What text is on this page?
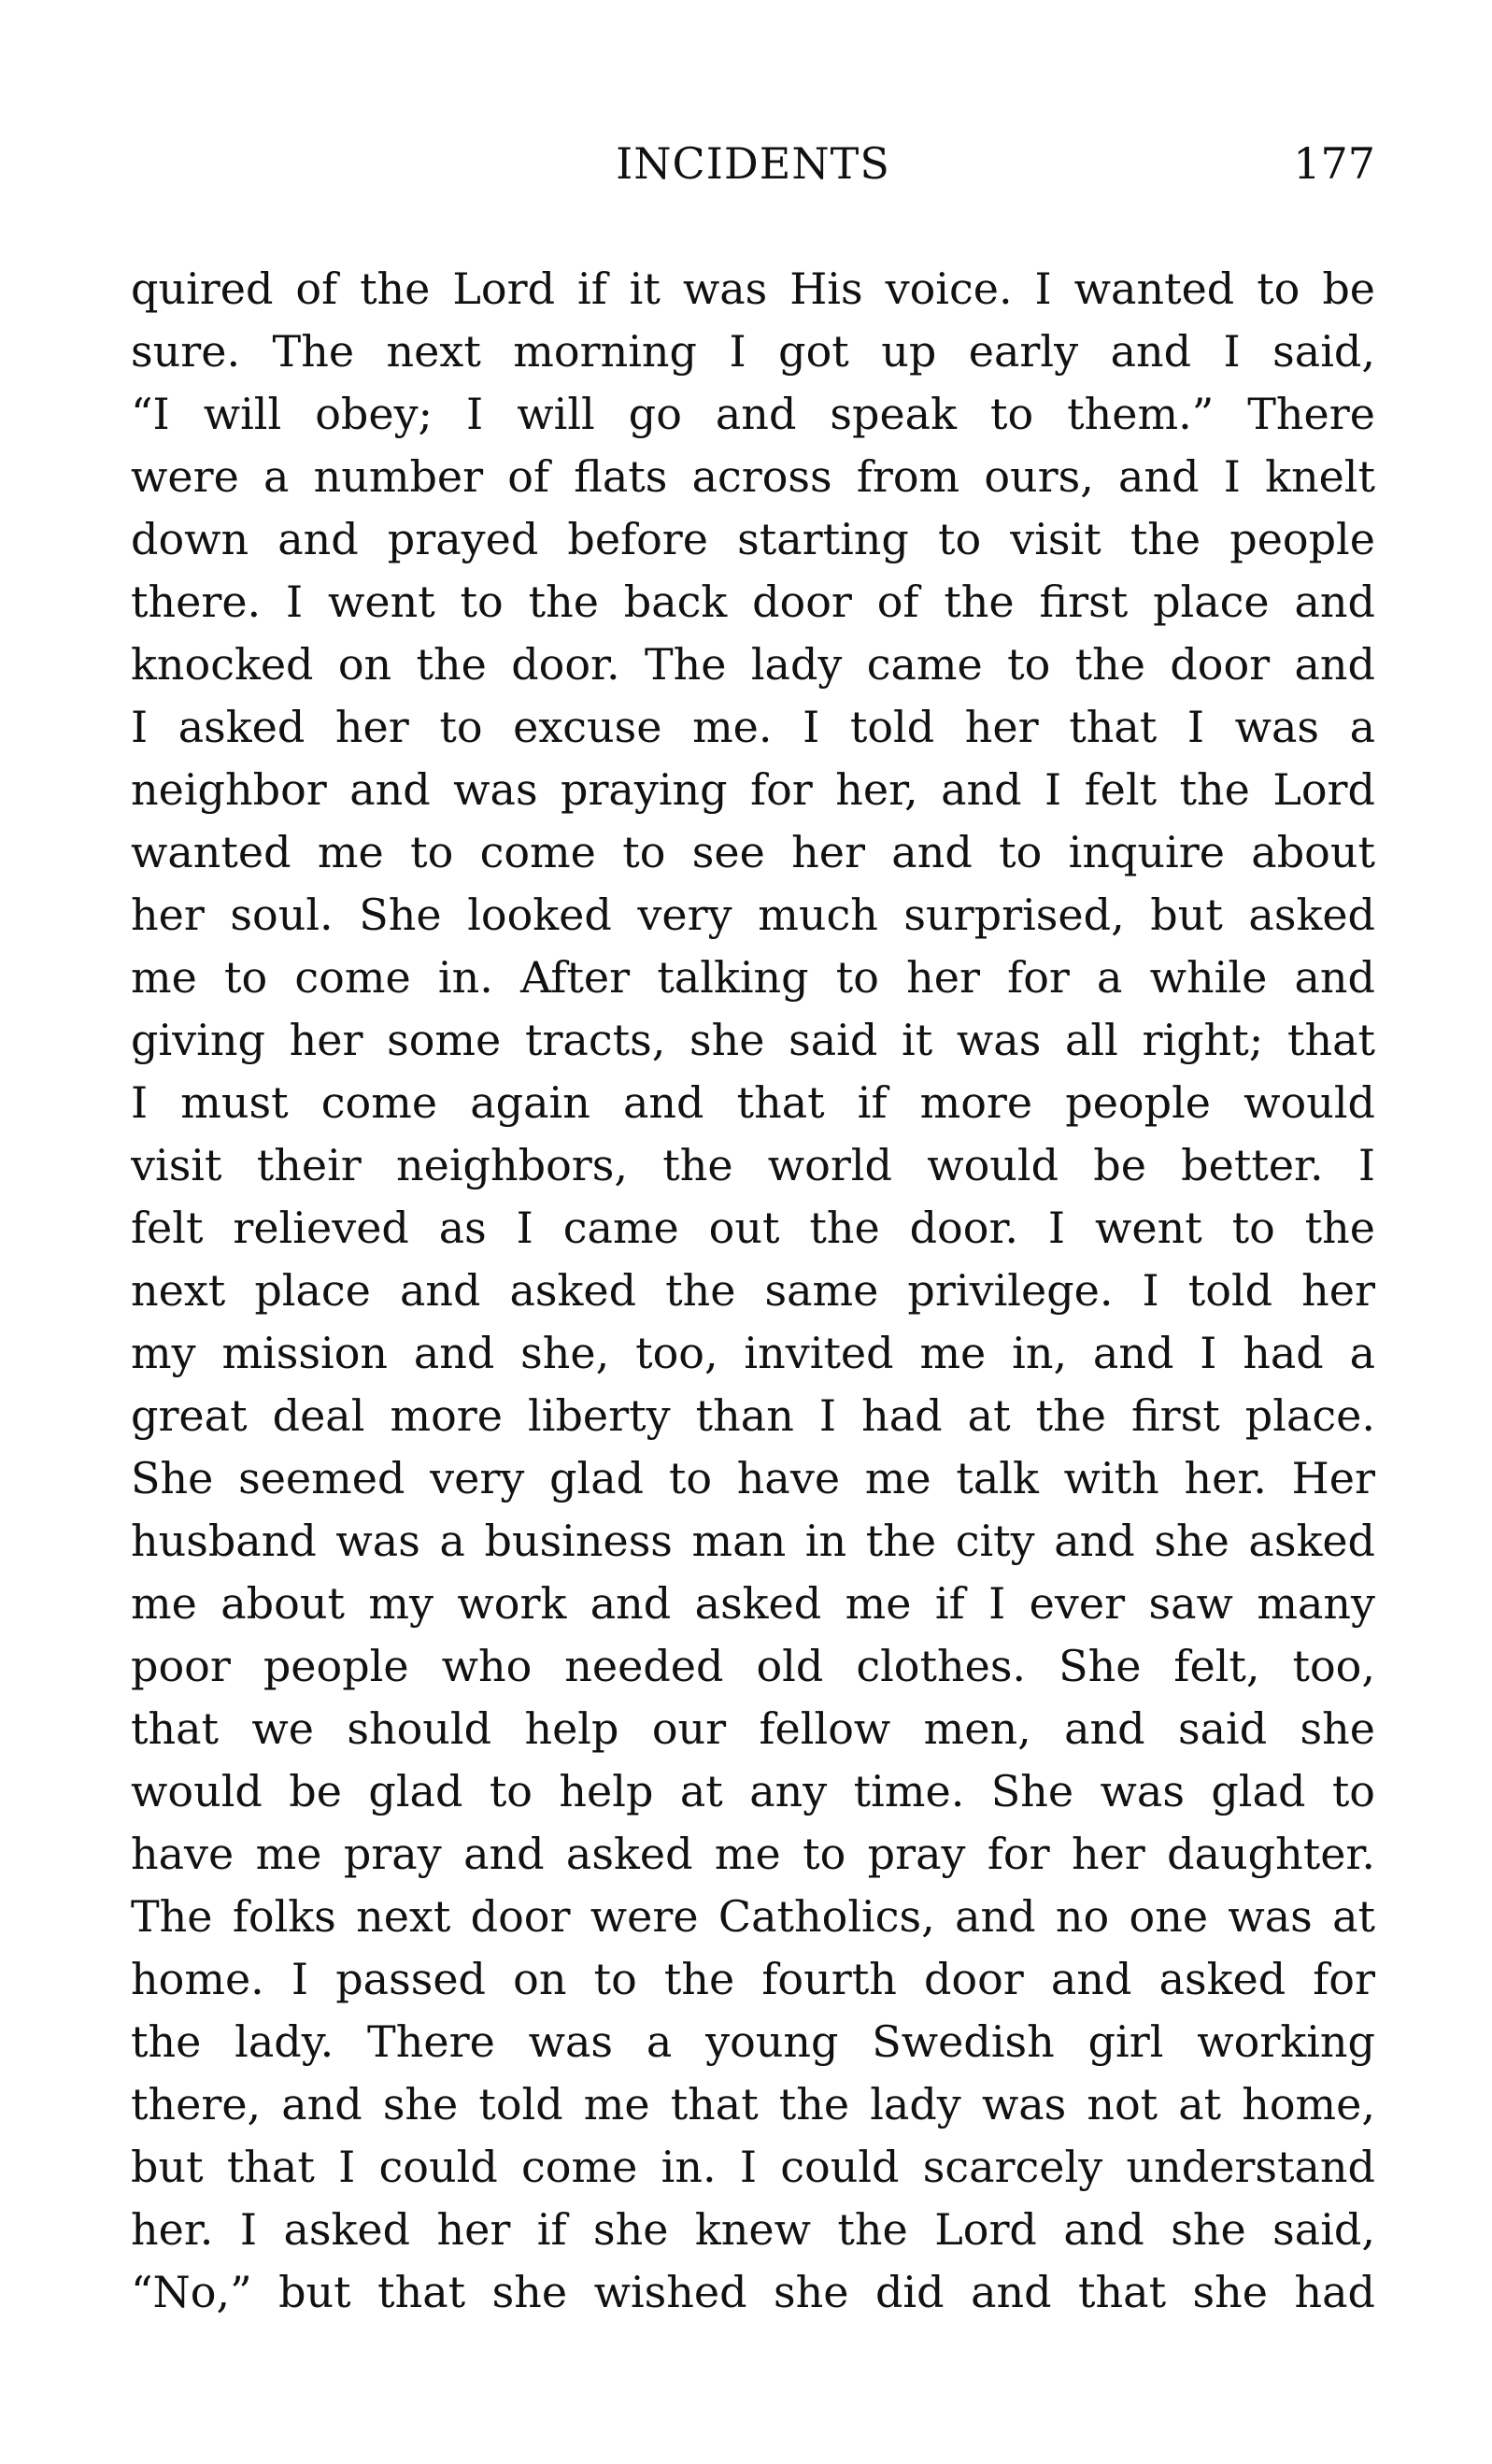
INCIDENTS	177
quired of the Lord if it was His voice. I wanted to be
sure. The next morning I got up early and I said,
“I will obey; I will go and speak to them.” There
were a number of flats across from ours, and I knelt
down and prayed before starting to visit the people
there. I went to the back door of the first place and
knocked on the door. The lady came to the door and
I asked her to excuse me. I told her that I was a
neighbor and was praying for her, and I felt the Lord
wanted me to come to see her and to inquire about
her soul. She looked very much surprised, but asked
me to come in. After talking to her for a while and
giving her some tracts, she said it was all right; that
I must come again and that if more people would
visit their neighbors, the world would be better. I
felt relieved as I came out the door. I went to the
next place and asked the same privilege. I told her
my mission and she, too, invited me in, and I had a
great deal more liberty than I had at the first place.
She seemed very glad to have me talk with her. Her
husband was a business man in the city and she asked
me about my work and asked me if I ever saw many
poor people who needed old clothes. She felt, too,
that we should help our fellow men, and said she
would be glad to help at any time. She was glad to
have me pray and asked me to pray for her daughter.
The folks next door were Catholics, and no one was at
home. I passed on to the fourth door and asked for
the lady. There was a young Swedish girl working
there, and she told me that the lady was not at home,
but that I could come in. I could scarcely understand
her. I asked her if she knew the Lord and she said,
“No,” but that she wished she did and that she had
